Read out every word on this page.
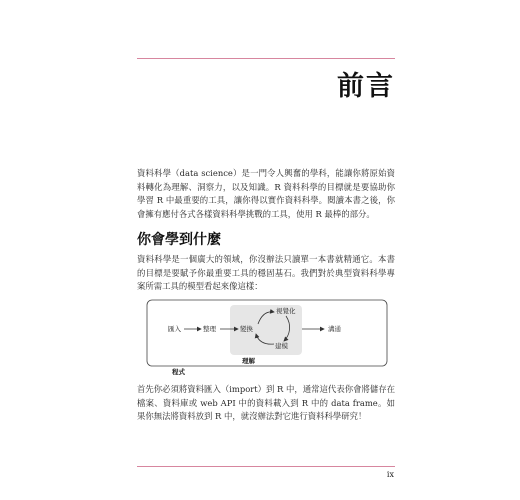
前言

資料科學（data science）是一門令人興奮的學科，能讓你將原始資料轉化為理解、洞察力，以及知識。R 資料科學的目標就是要協助你學習 R 中最重要的工具，讓你得以實作資料科學。閱讀本書之後，你會擁有應付各式各樣資料科學挑戰的工具，使用 R 最棒的部分。

你會學到什麼

資料科學是一個廣大的領域，你沒辦法只讀單一本書就精通它。本書的目標是要賦予你最重要工具的穩固基石。我們對於典型資料科學專案所需工具的模型看起來像這樣：

匯入	整理	變換
視覺化
建模
溝通
理解
程式

首先你必須將資料匯入（import）到 R 中，通常這代表你會將儲存在檔案、資料庫或 web API 中的資料載入到 R 中的 data frame。如果你無法將資料放到 R 中，就沒辦法對它進行資料科學研究！

ix
